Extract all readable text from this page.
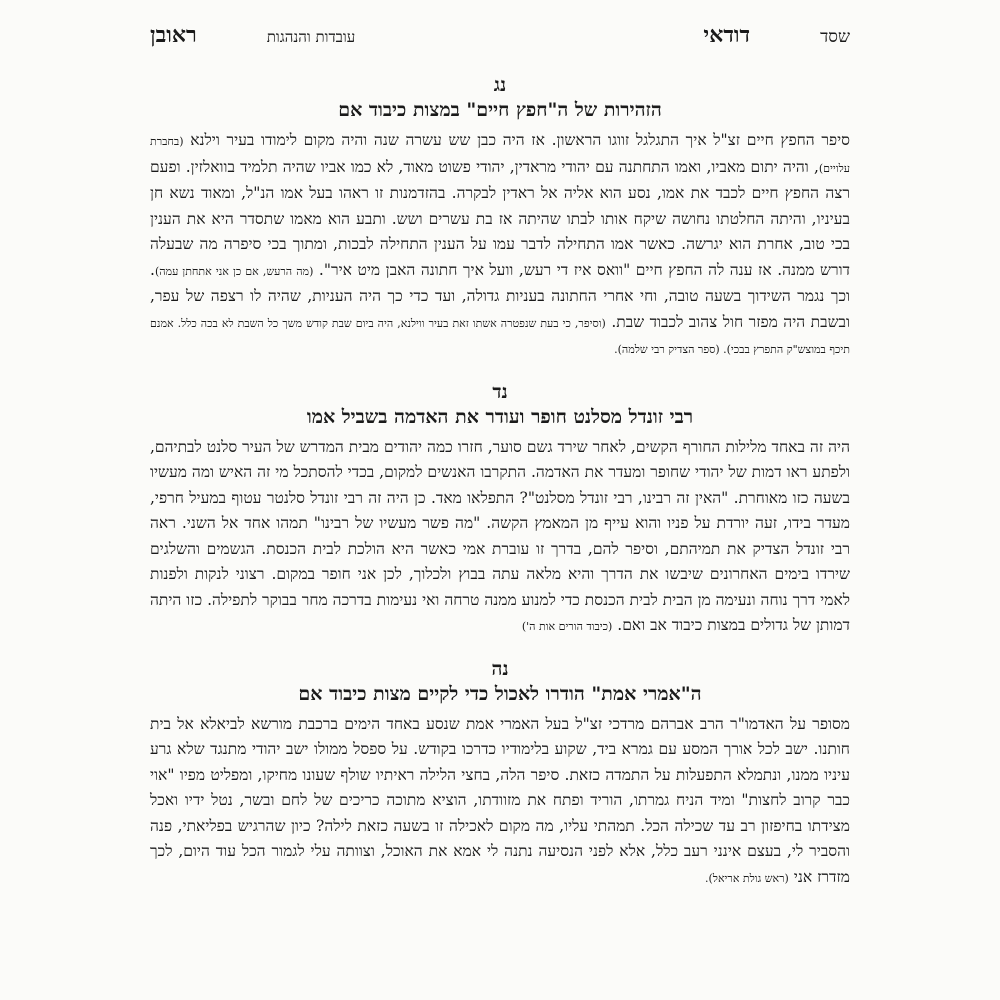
שסד
דודאי
עובדות והנהגות
ראובן
נג
הזהירות של ה"חפץ חיים" במצות כיבוד אם

סיפר החפץ חיים זצ"ל איך התגלגל זווגו הראשון. אז היה כבן שש עשרה שנה והיה מקום לימודו בעיר וילנא (בחברת עלויים), והיה יתום מאביו, ואמו התחתנה עם יהודי מראדין, יהודי פשוט מאוד, לא כמו אביו שהיה תלמיד בוואלזין. ופעם רצה החפץ חיים לכבד את אמו, נסע הוא אליה אל ראדין לבקרה. בהזדמנות זו ראהו בעל אמו הנ"ל, ומאוד נשא חן בעיניו, והיתה החלטתו נחושה שיקח אותו לבתו שהיתה אז בת עשרים ושש. ותבע הוא מאמו שתסדר היא את הענין בכי טוב, אחרת הוא יגרשה. כאשר אמו התחילה לדבר עמו על הענין התחילה לבכות, ומתוך בכי סיפרה מה שבעלה דורש ממנה. אז ענה לה החפץ חיים "וואס איז די רעש, וועל איך חתונה האבן מיט איר". (מה הרעש, אם כן אני אתחתן עמה). וכך נגמר השידוך בשעה טובה, וחי אחרי החתונה בעניות גדולה, ועד כדי כך היה העניות, שהיה לו רצפה של עפר, ובשבת היה מפזר חול צהוב לכבוד שבת. (וסיפר, כי בעת שנפטרה אשתו זאת בעיר ווילנא, היה ביום שבת קודש משך כל השבת לא בכה כלל. אמנם תיכף במוצש"ק התפרץ בבכי). (ספר הצדיק רבי שלמה).

נד
רבי זונדל מסלנט חופר ועודר את האדמה בשביל אמו

היה זה באחד מלילות החורף הקשים, לאחר שירד גשם סוער, חזרו כמה יהודים מבית המדרש של העיר סלנט לבתיהם, ולפתע ראו דמות של יהודי שחופר ומעדר את האדמה. התקרבו האנשים למקום, בכדי להסתכל מי זה האיש ומה מעשיו בשעה כזו מאוחרת. "האין זה רבינו, רבי זונדל מסלנט"? התפלאו מאד. כן היה זה רבי זונדל סלנטר עטוף במעיל חרפי, מעדר בידו, זעה יורדת על פניו והוא עייף מן המאמץ הקשה. "מה פשר מעשיו של רבינו" תמהו אחד אל השני. ראה רבי זונדל הצדיק את תמיהתם, וסיפר להם, בדרך זו עוברת אמי כאשר היא הולכת לבית הכנסת. הגשמים והשלגים שירדו בימים האחרונים שיבשו את הדרך והיא מלאה עתה בבוץ ולכלוך, לכן אני חופר במקום. רצוני לנקות ולפנות לאמי דרך נוחה ונעימה מן הבית לבית הכנסת כדי למנוע ממנה טרחה ואי נעימות בדרכה מחר בבוקר לתפילה. כזו היתה דמותן של גדולים במצות כיבוד אב ואם. (כיבוד הורים אות ה')

נה
ה"אמרי אמת" הודרו לאכול כדי לקיים מצות כיבוד אם

מסופר על האדמו"ר הרב אברהם מרדכי זצ"ל בעל האמרי אמת שנסע באחד הימים ברכבת מורשא לביאלא אל בית חותנו. ישב לכל אורך המסע עם גמרא ביד, שקוע בלימודיו כדרכו בקודש. על ספסל ממולו ישב יהודי מתנגד שלא גרע עיניו ממנו, ונתמלא התפעלות על התמדה כזאת. סיפר הלה, בחצי הלילה ראיתיו שולף שעונו מחיקו, ומפליט מפיו "אוי כבר קרוב לחצות" ומיד הניח גמרתו, הוריד ופתח את מזוודתו, הוציא מתוכה כריכים של לחם ובשר, נטל ידיו ואכל מצידתו בחיפזון רב עד שכילה הכל. תמהתי עליו, מה מקום לאכילה זו בשעה כזאת לילה? כיון שהרגיש בפליאתי, פנה והסביר לי, בעצם אינני רעב כלל, אלא לפני הנסיעה נתנה לי אמא את האוכל, וצוותה עלי לגמור הכל עוד היום, לכך מזדרז אני (ראש גולת אריאל).
